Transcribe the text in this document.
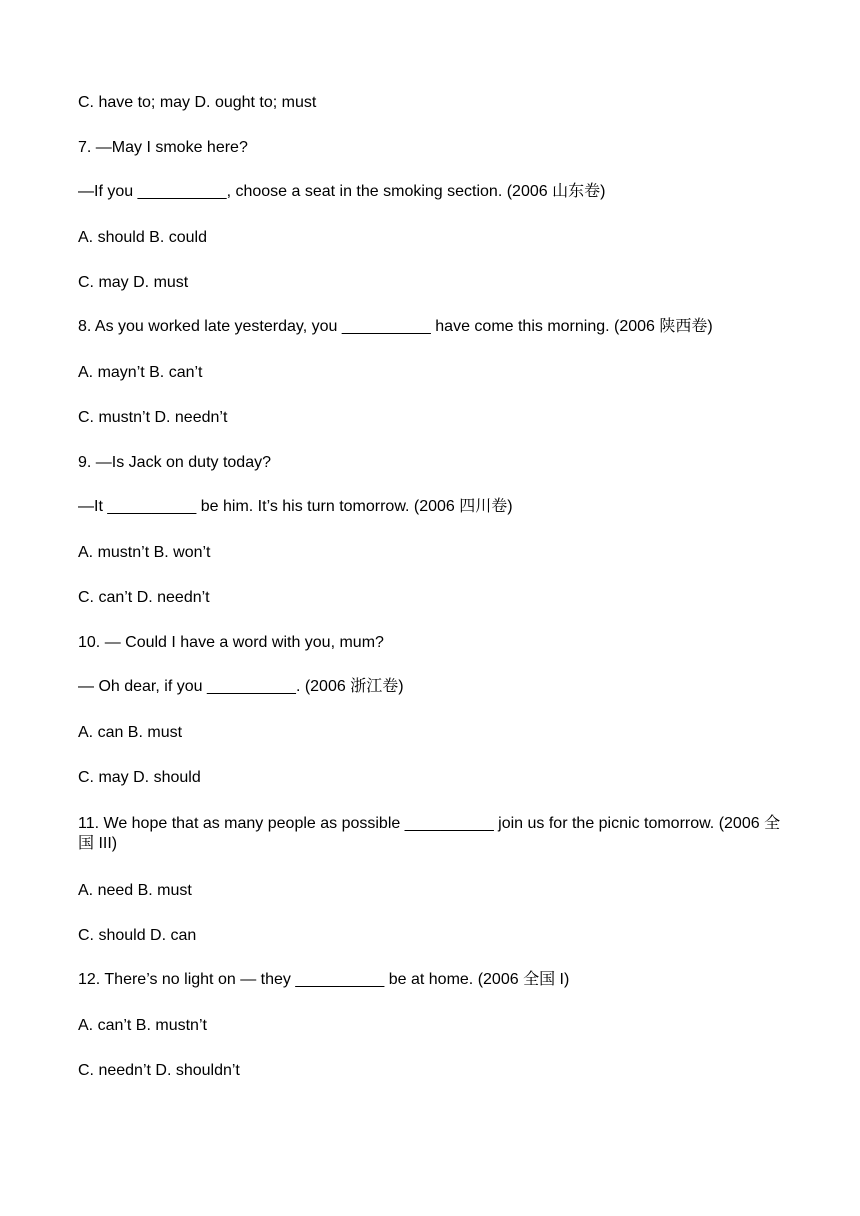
C. have to; may D. ought to; must

7. —May I smoke here?

—If you __________, choose a seat in the smoking section. (2006 山东卷)

A. should B. could

C. may D. must

8. As you worked late yesterday, you __________ have come this morning. (2006 陕西卷)

A. mayn’t B. can’t

C. mustn’t D. needn’t

9. —Is Jack on duty today?

—It __________ be him. It’s his turn tomorrow. (2006 四川卷)

A. mustn’t B. won’t

C. can’t D. needn’t

10. — Could I have a word with you, mum?

— Oh dear, if you __________. (2006 浙江卷)

A. can B. must

C. may D. should

11. We hope that as many people as possible __________ join us for the picnic tomorrow. (2006 全国 III)

A. need B. must

C. should D. can

12. There’s no light on — they __________ be at home. (2006 全国 I)

A. can’t B. mustn’t

C. needn’t D. shouldn’t
